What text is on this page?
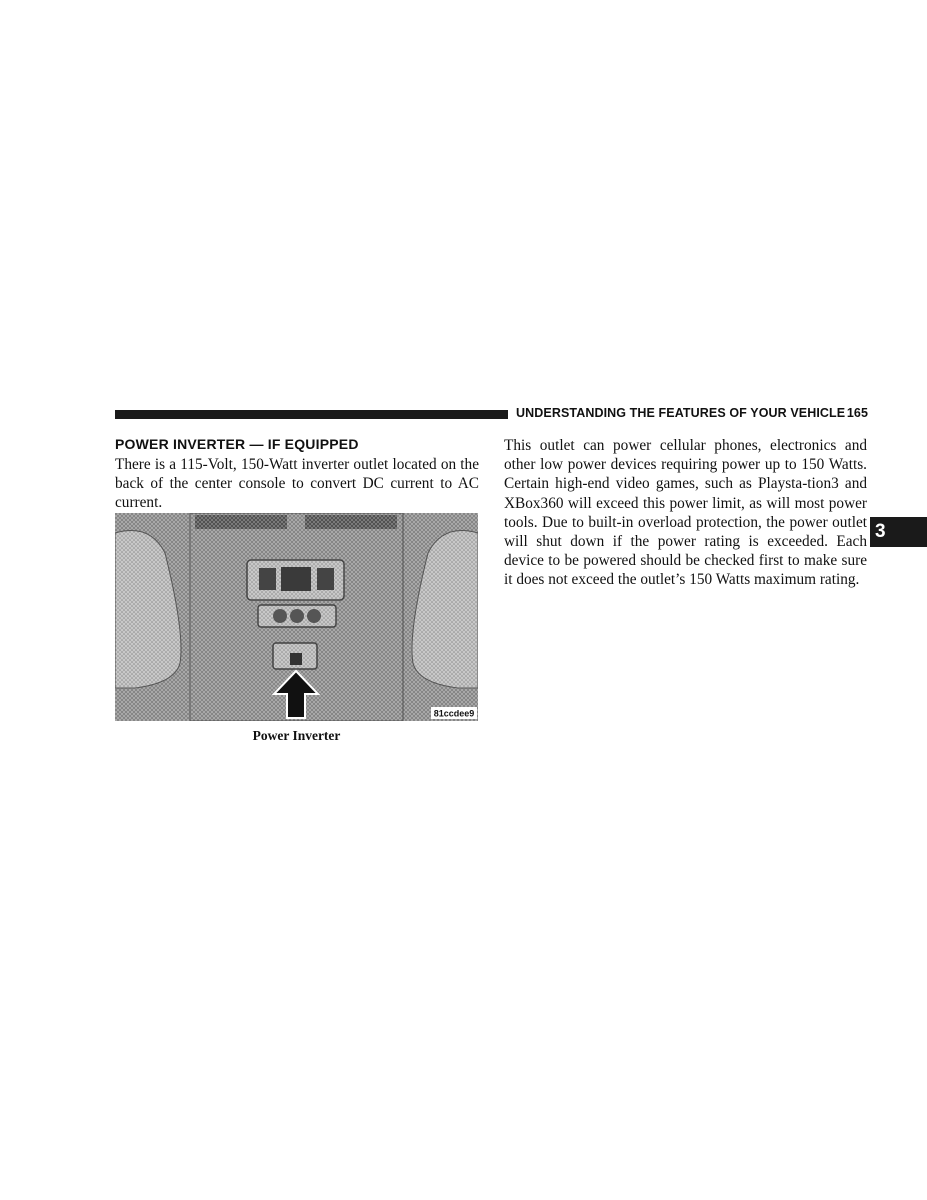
UNDERSTANDING THE FEATURES OF YOUR VEHICLE 165
POWER INVERTER — IF EQUIPPED
There is a 115-Volt, 150-Watt inverter outlet located on the back of the center console to convert DC current to AC current.
81ccdee9
Power Inverter
This outlet can power cellular phones, electronics and other low power devices requiring power up to 150 Watts. Certain high-end video games, such as Playsta-tion3 and XBox360 will exceed this power limit, as will most power tools. Due to built-in overload protection, the power outlet will shut down if the power rating is exceeded. Each device to be powered should be checked first to make sure it does not exceed the outlet’s 150 Watts maximum rating.
3
